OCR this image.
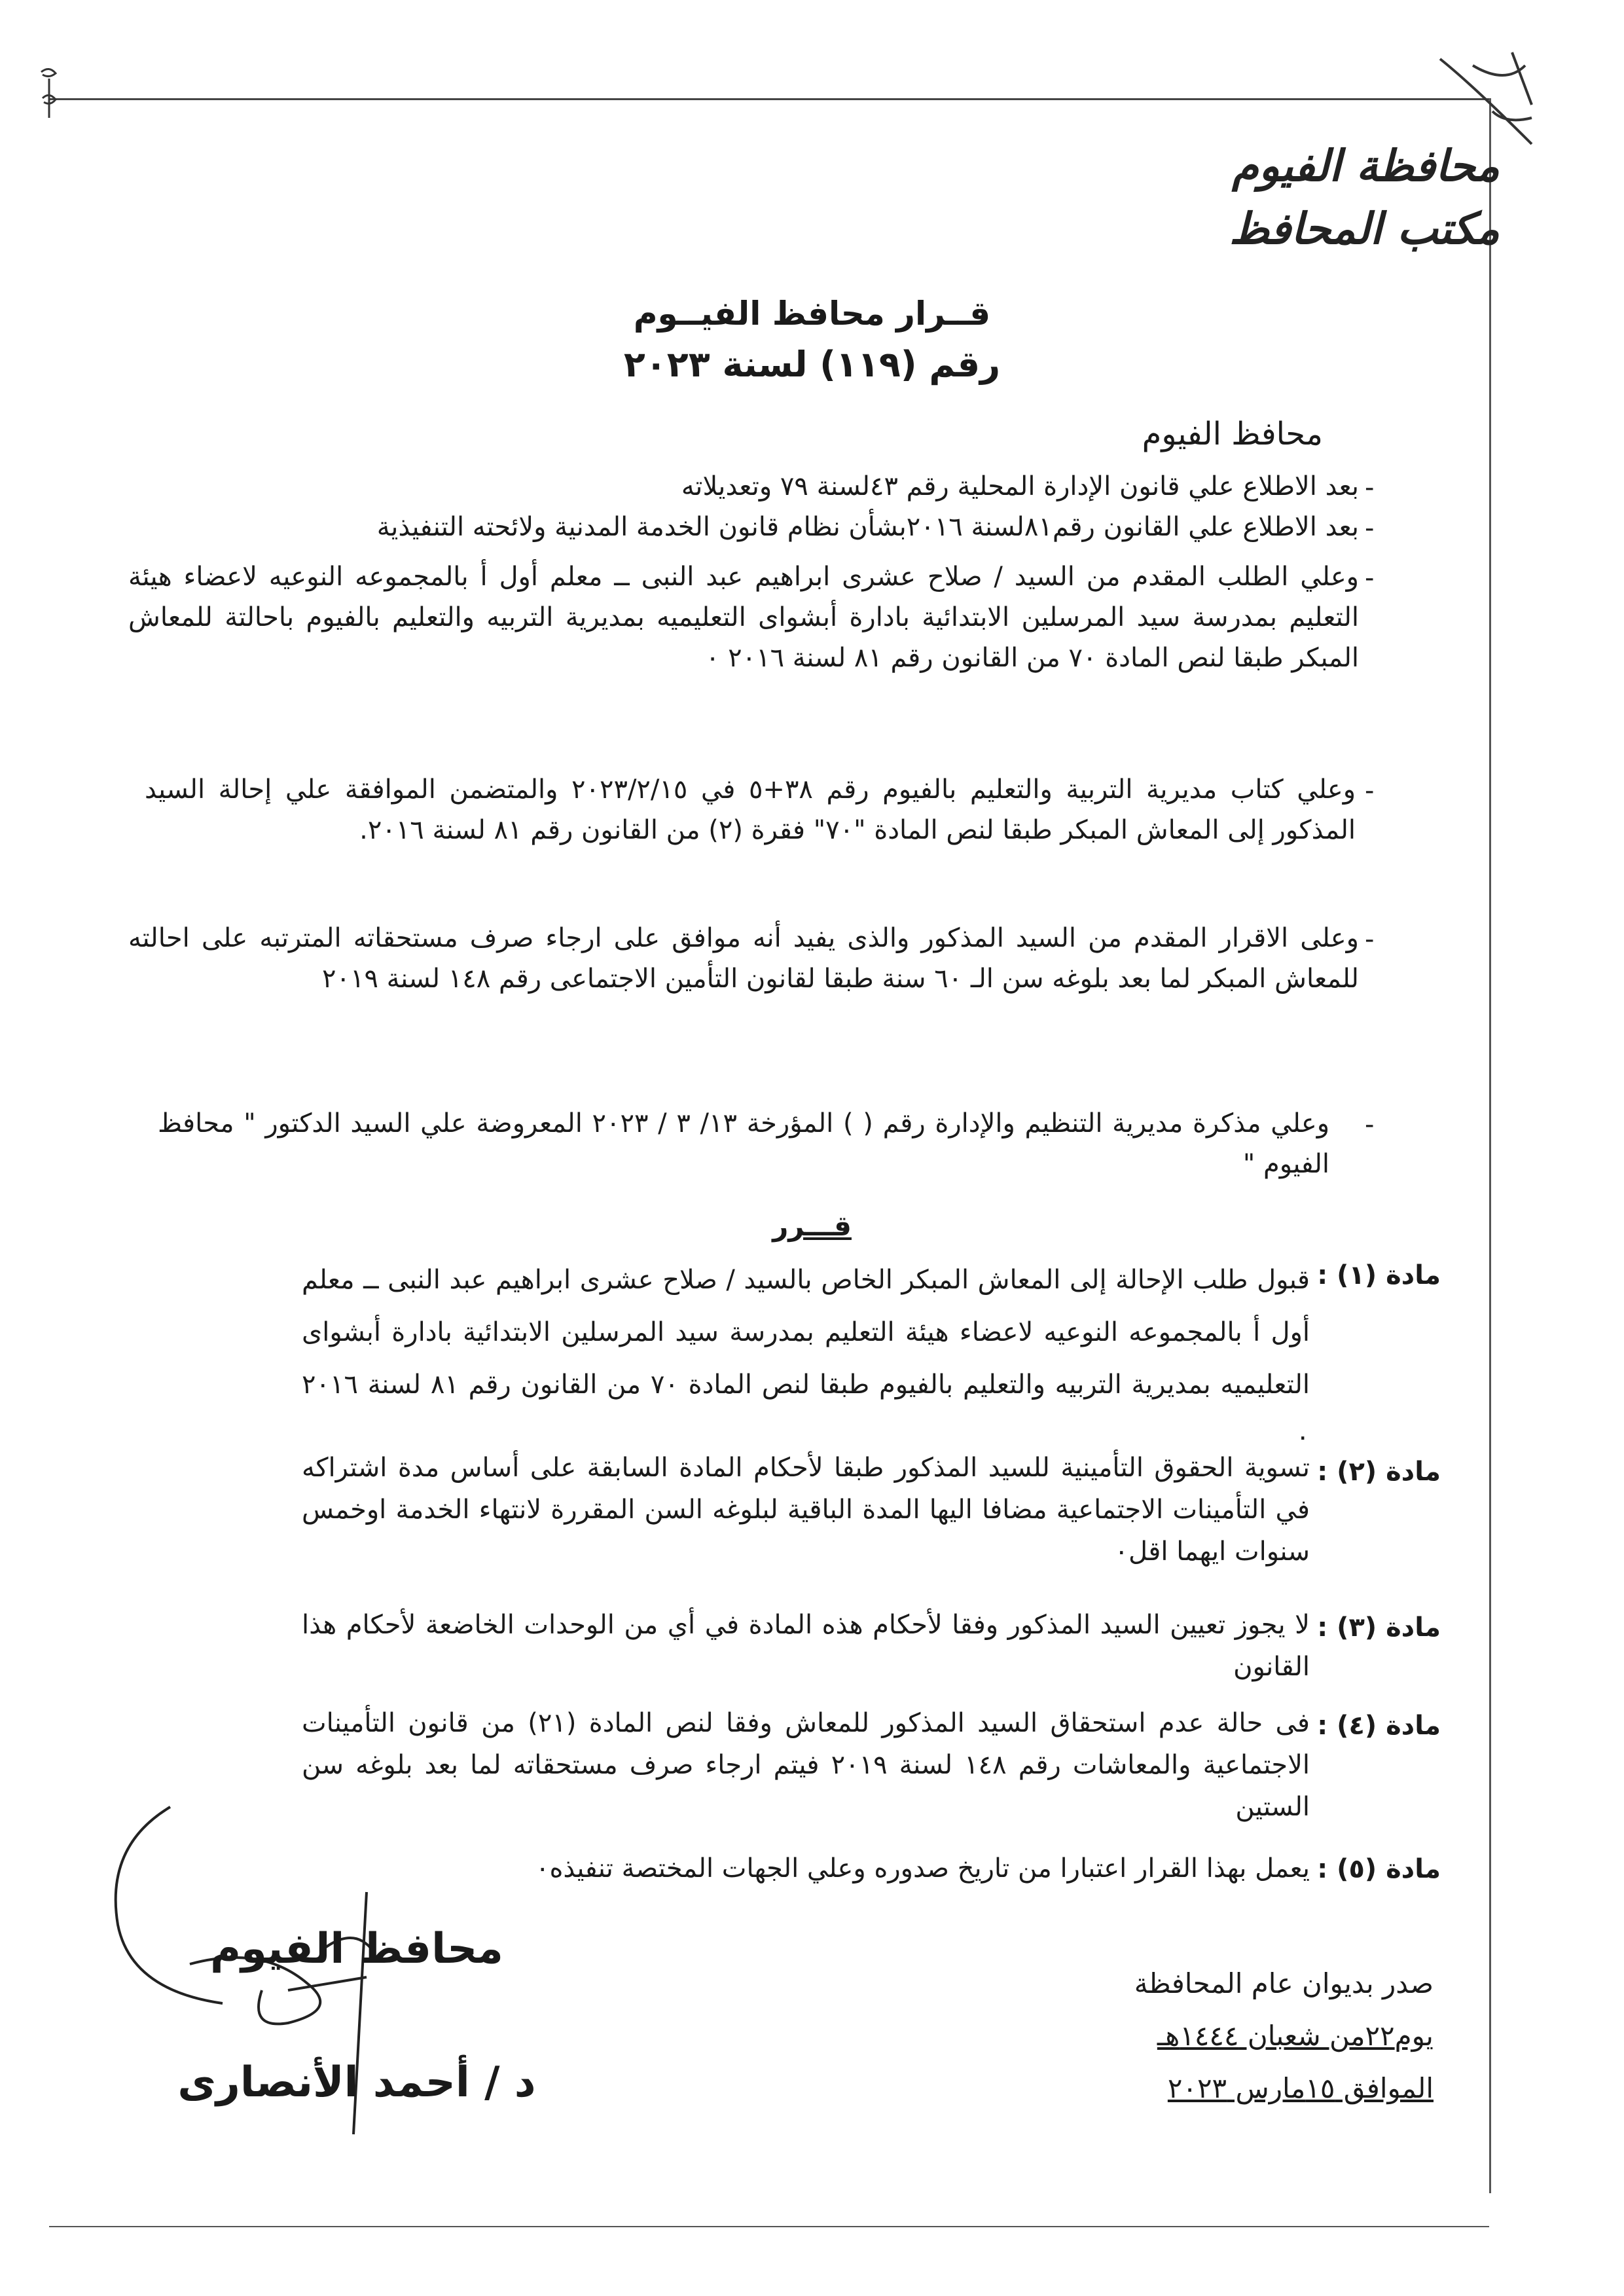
محافظة الفيوم
مكتب المحافظ
قــرار محافظ الفيــوم
رقم (١١٩) لسنة ٢٠٢٣
محافظ الفيوم
-
بعد الاطلاع علي قانون الإدارة المحلية رقم ٤٣لسنة ٧٩ وتعديلاته
-
بعد الاطلاع علي القانون رقم٨١لسنة ٢٠١٦بشأن نظام قانون الخدمة المدنية ولائحته التنفيذية
-
وعلي الطلب المقدم من السيد / صلاح عشرى ابراهيم عبد النبى ــ معلم أول أ بالمجموعه النوعيه لاعضاء هيئة التعليم بمدرسة سيد المرسلين الابتدائية بادارة أبشواى التعليميه بمديرية التربيه والتعليم بالفيوم باحالتة للمعاش المبكر طبقا لنص المادة ٧٠ من القانون رقم ٨١ لسنة ٢٠١٦ ٠
-
وعلي كتاب مديرية التربية والتعليم بالفيوم رقم ٣٨+٥ في ٢٠٢٣/٢/١٥ والمتضمن الموافقة علي إحالة السيد المذكور إلى المعاش المبكر طبقا لنص المادة "٧٠" فقرة (٢) من القانون رقم ٨١ لسنة ٢٠١٦.
-
وعلى الاقرار المقدم من السيد المذكور والذى يفيد أنه موافق على ارجاء صرف مستحقاته المترتبه على احالته للمعاش المبكر لما بعد بلوغه سن الـ ٦٠ سنة طبقا لقانون التأمين الاجتماعى رقم ١٤٨ لسنة ٢٠١٩
-
وعلي مذكرة مديرية التنظيم والإدارة رقم ( ) المؤرخة ١٣/ ٣ / ٢٠٢٣ المعروضة علي السيد الدكتور " محافظ الفيوم "
قـــرر
مادة (١) :
قبول طلب الإحالة إلى المعاش المبكر الخاص بالسيد / صلاح عشرى ابراهيم عبد النبى ــ معلم أول أ بالمجموعه النوعيه لاعضاء هيئة التعليم بمدرسة سيد المرسلين الابتدائية بادارة أبشواى التعليميه بمديرية التربيه والتعليم بالفيوم طبقا لنص المادة ٧٠ من القانون رقم ٨١ لسنة ٢٠١٦ ٠
مادة (٢) :
تسوية الحقوق التأمينية للسيد المذكور طبقا لأحكام المادة السابقة على أساس مدة اشتراكه في التأمينات الاجتماعية مضافا اليها المدة الباقية لبلوغه السن المقررة لانتهاء الخدمة اوخمس سنوات ايهما اقل٠
مادة (٣) :
لا يجوز تعيين السيد المذكور وفقا لأحكام هذه المادة في أي من الوحدات الخاضعة لأحكام هذا القانون
مادة (٤) :
فى حالة عدم استحقاق السيد المذكور للمعاش وفقا لنص المادة (٢١) من قانون التأمينات الاجتماعية والمعاشات رقم ١٤٨ لسنة ٢٠١٩ فيتم ارجاء صرف مستحقاته لما بعد بلوغه سن الستين
مادة (٥) :
يعمل بهذا القرار اعتبارا من تاريخ صدوره وعلي الجهات المختصة تنفيذه٠
محافظ الفيوم
د / أحمد الأنصارى
صدر بديوان عام المحافظة
يوم٢٢من شعبان ١٤٤٤هـ
الموافق ١٥مارس ٢٠٢٣
